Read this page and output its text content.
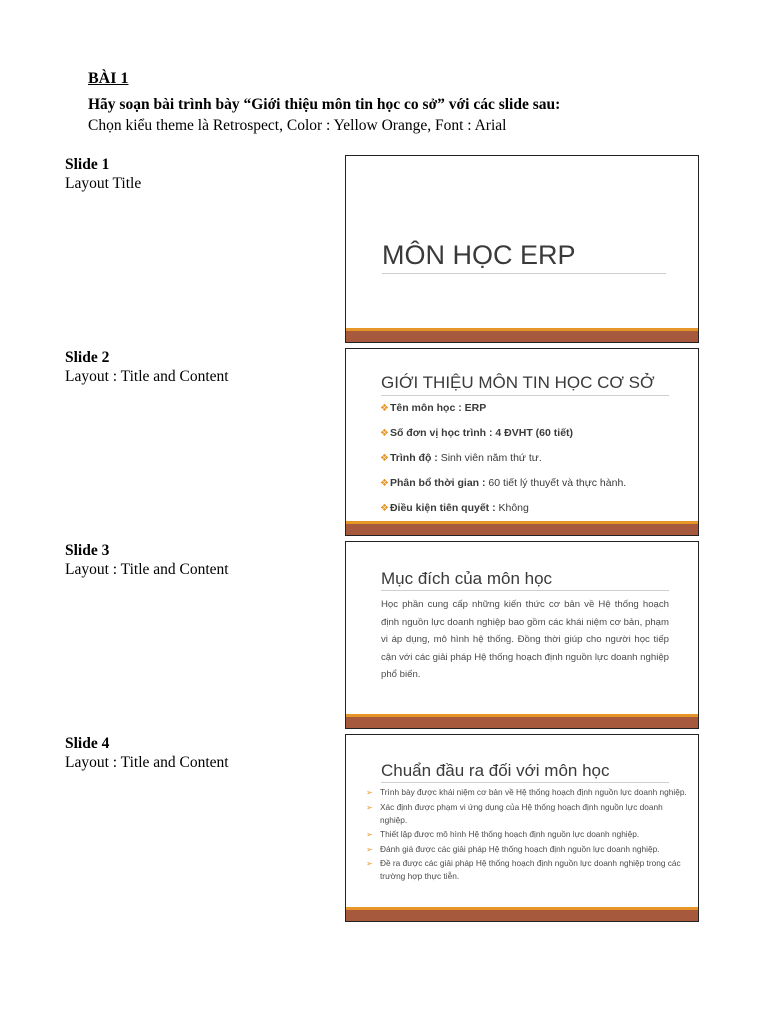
BÀI 1
Hãy soạn bài trình bày “Giới thiệu môn tin học co sở” với các slide sau:
Chọn kiểu theme là Retrospect, Color : Yellow Orange, Font : Arial
Slide 1
Layout Title
Slide 2
Layout : Title and Content
Slide 3
Layout : Title and Content
Slide 4
Layout : Title and Content
MÔN HỌC ERP
GIỚI THIỆU MÔN TIN HỌC CƠ SỞ
❖Tên môn học : ERP
❖Số đơn vị học trình : 4 ĐVHT (60 tiết)
❖Trình độ : Sinh viên năm thứ tư.
❖Phân bổ thời gian : 60 tiết lý thuyết và thực hành.
❖Điều kiện tiên quyết : Không
Mục đích của môn học
Học phần cung cấp những kiến thức cơ bản về Hệ thống hoạch định nguồn lực doanh nghiệp bao gồm các khái niệm cơ bản, phạm vi áp dụng, mô hình hệ thống. Đồng thời giúp cho người học tiếp cận với các giải pháp Hệ thống hoạch định nguồn lực doanh nghiệp phổ biến.
Chuẩn đầu ra đối với môn học
➢ Trình bày được khái niệm cơ bản về Hệ thống hoạch định nguồn lực doanh nghiệp.
➢ Xác định được phạm vi ứng dụng của Hệ thống hoạch định nguồn lực doanh nghiệp.
➢ Thiết lập được mô hình Hệ thống hoạch định nguồn lực doanh nghiệp.
➢ Đánh giá được các giải pháp Hệ thống hoạch định nguồn lực doanh nghiệp.
➢ Đề ra được các giải pháp Hệ thống hoạch định nguồn lực doanh nghiệp trong các trường hợp thực tiễn.
